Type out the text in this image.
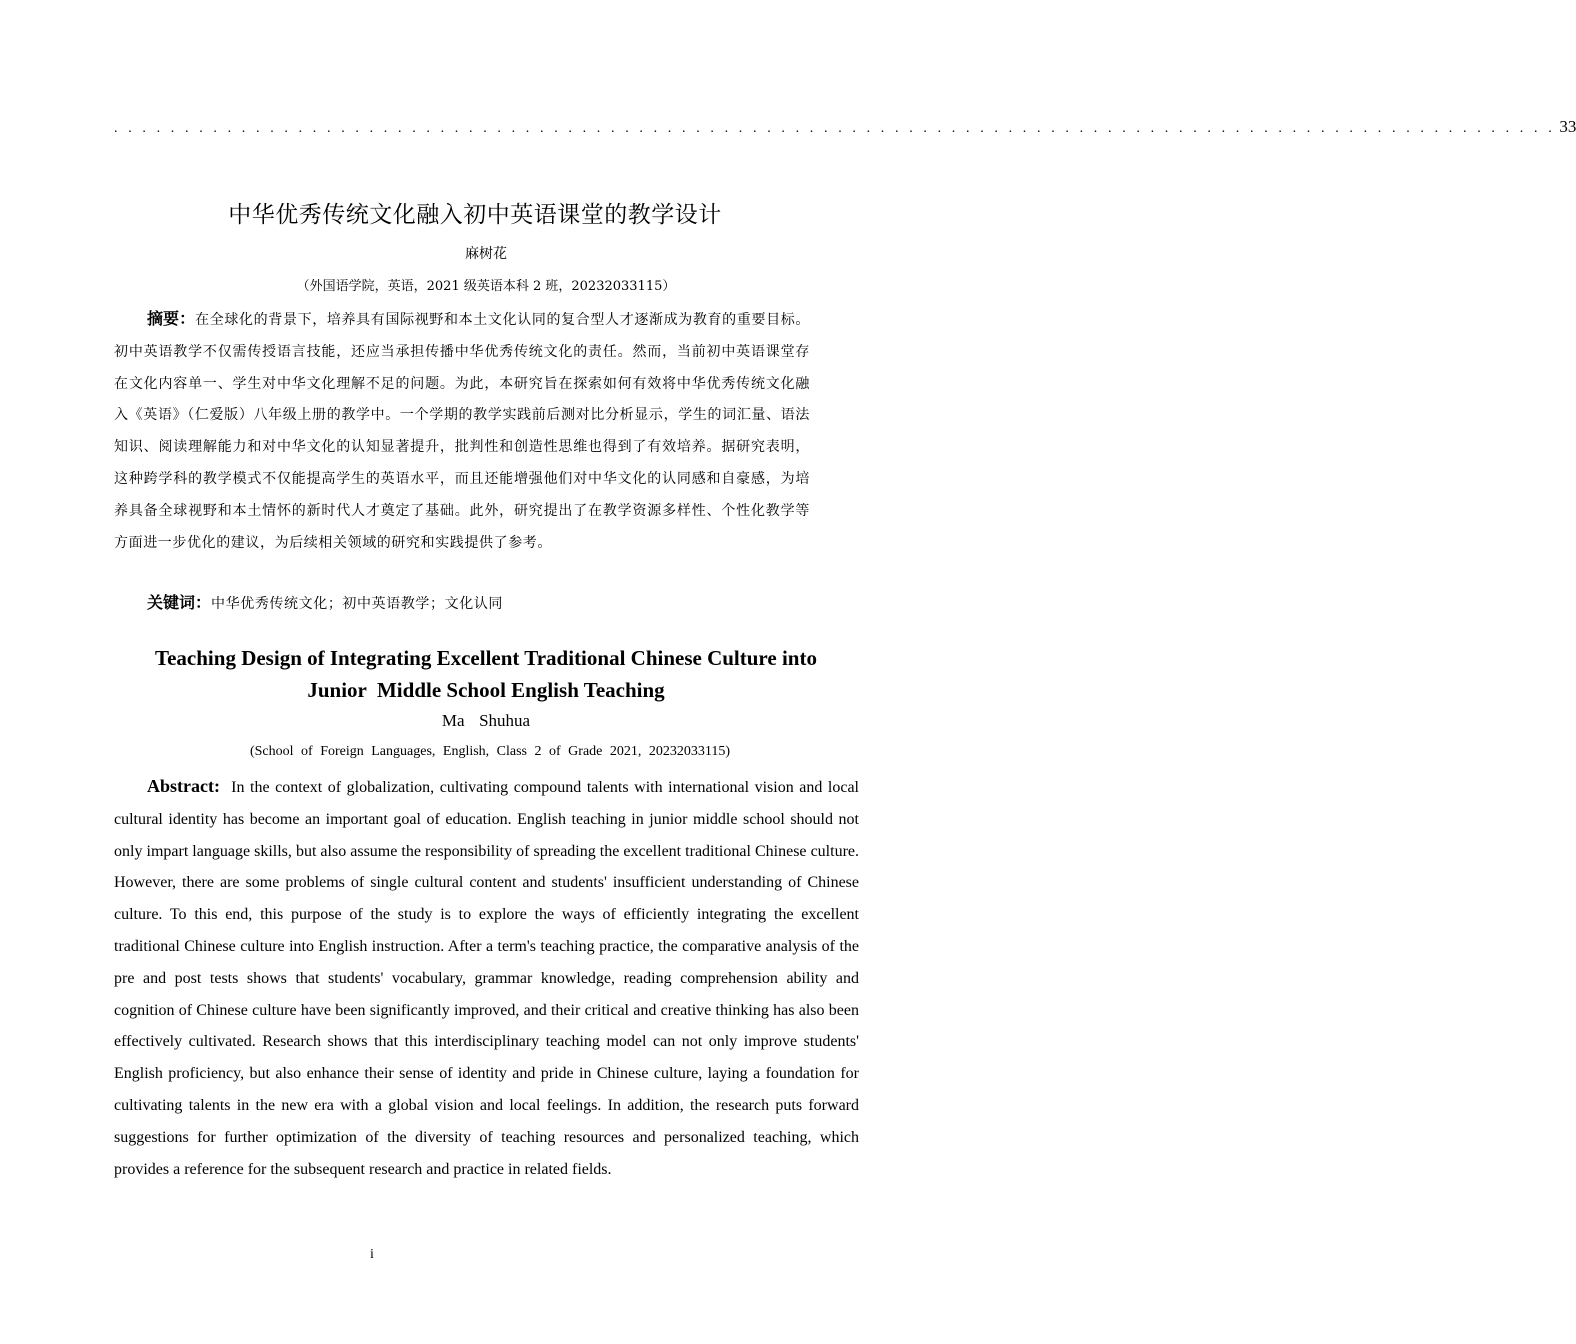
. . . . . . . . . . . . . . . . . . . . . . . . . . . . . . . . . . . . . . . . . . . . . . . . . . . . . . . . . . . . . . . . . . . . . . . . . . . . . . . . . . . . . . . . . . . . . . . . . . . . . . 33
中华优秀传统文化融入初中英语课堂的教学设计
麻树花
（外国语学院，英语，2021 级英语本科 2 班，20232033115）

摘要：在全球化的背景下，培养具有国际视野和本土文化认同的复合型人才逐渐成为教育的重要目标。初中英语教学不仅需传授语言技能，还应当承担传播中华优秀传统文化的责任。然而，当前初中英语课堂存在文化内容单一、学生对中华文化理解不足的问题。为此，本研究旨在探索如何有效将中华优秀传统文化融入《英语》（仁爱版）八年级上册的教学中。一个学期的教学实践前后测对比分析显示，学生的词汇量、语法知识、阅读理解能力和对中华文化的认知显著提升，批判性和创造性思维也得到了有效培养。据研究表明，这种跨学科的教学模式不仅能提高学生的英语水平，而且还能增强他们对中华文化的认同感和自豪感，为培养具备全球视野和本土情怀的新时代人才奠定了基础。此外，研究提出了在教学资源多样性、个性化教学等方面进一步优化的建议，为后续相关领域的研究和实践提供了参考。

关键词：中华优秀传统文化；初中英语教学；文化认同

Teaching Design of Integrating Excellent Traditional Chinese Culture into
Junior  Middle School English Teaching
Ma  Shuhua
(School of Foreign Languages, English, Class 2 of Grade 2021, 20232033115)

Abstract: In the context of globalization, cultivating compound talents with international vision and local cultural identity has become an important goal of education. English teaching in junior middle school should not only impart language skills, but also assume the responsibility of spreading the excellent traditional Chinese culture. However, there are some problems of single cultural content and students' insufficient understanding of Chinese culture. To this end, this purpose of the study is to explore the ways of efficiently integrating the excellent traditional Chinese culture into English instruction. After a term's teaching practice, the comparative analysis of the pre and post tests shows that students' vocabulary, grammar knowledge, reading comprehension ability and cognition of Chinese culture have been significantly improved, and their critical and creative thinking has also been effectively cultivated. Research shows that this interdisciplinary teaching model can not only improve students' English proficiency, but also enhance their sense of identity and pride in Chinese culture, laying a foundation for cultivating talents in the new era with a global vision and local feelings. In addition, the research puts forward suggestions for further optimization of the diversity of teaching resources and personalized teaching, which provides a reference for the subsequent research and practice in related fields.

i
